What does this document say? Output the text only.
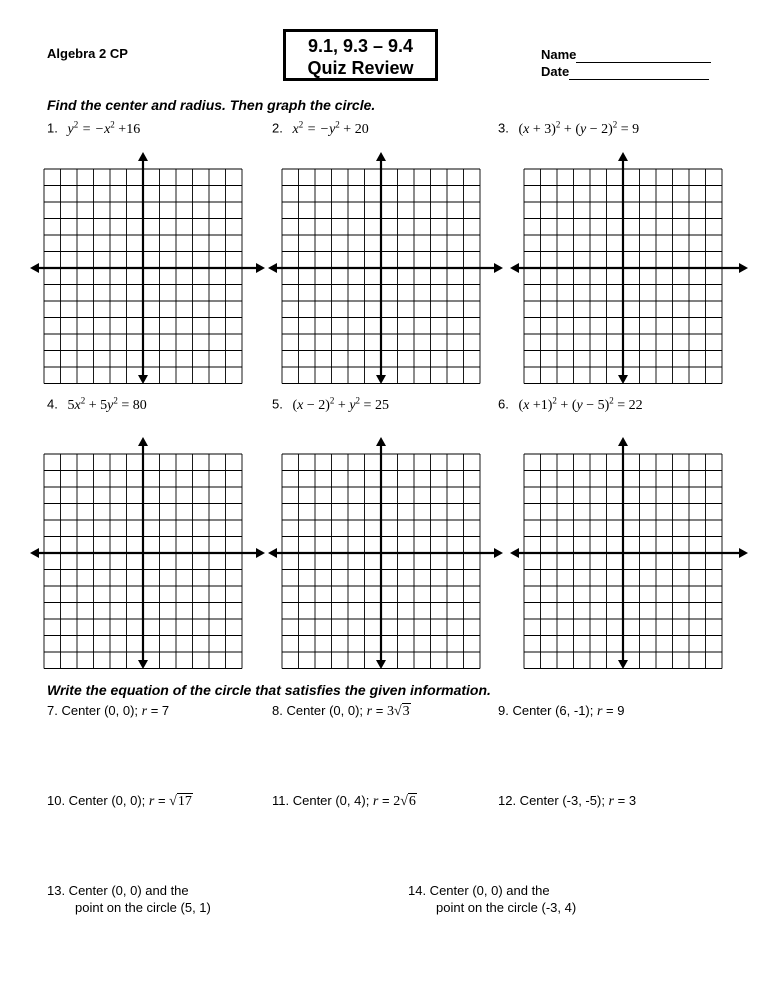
Algebra 2 CP	9.1, 9.3 – 9.4
Quiz Review
Name
Date
Find the center and radius. Then graph the circle.
1. $y^2 = -x^2 +16$	2. $x^2 = -y^2 + 20$	3. $(x + 3)^2 + (y - 2)^2 = 9$
4. $5x^2 + 5y^2 = 80$	5. $(x - 2)^2 + y^2 = 25$	6. $(x +1)^2 + (y - 5)^2 = 22$
Write the equation of the circle that satisfies the given information.
7. Center (0, 0); r = 7	8. Center (0, 0); r = 3√3	9. Center (6, -1); r = 9
10. Center (0, 0); r = √17	11. Center (0, 4); r = 2√6	12. Center (-3, -5); r = 3
13. Center (0, 0) and the
point on the circle (5, 1)
14. Center (0, 0) and the
point on the circle (-3, 4)
